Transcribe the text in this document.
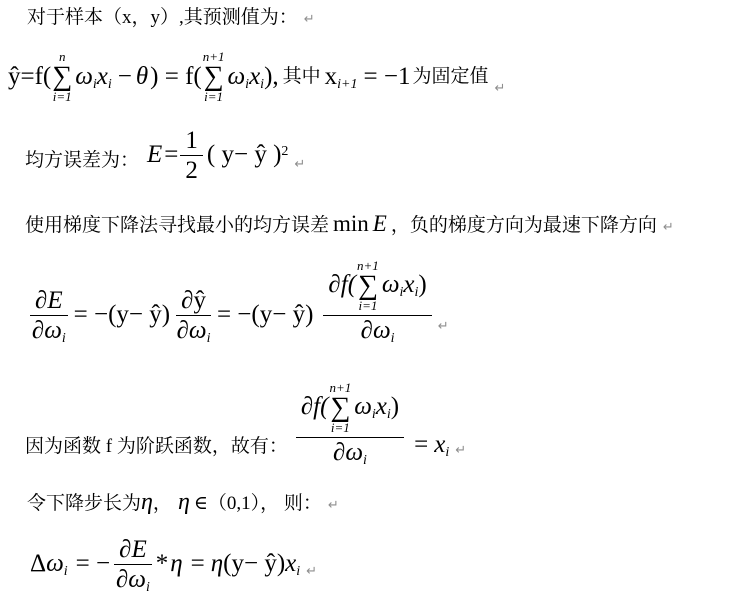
对于样本（x，y）,其预测值为： ↵
ŷ=f(
n
∑
i=1
$\omega_i$ $x_i - \theta$ ) = f(
n+1
∑
i=1
$\omega_i$ $x_i$ ), 其中 $x_{i+1} = -1$ 为固定值
↵
均方误差为： $E = \frac{1}{2}$ ( y− ŷ )$^2$
↵
使用梯度下降法寻找最小的均方误差 min E ，负的梯度方向为最速下降方向 ↵
$\frac{\partial E}{\partial\omega_i} = -(y-$ ŷ) $\frac{\partial ŷ}{\partial\omega_i} = -(y-$ ŷ) ∂f(
n+1
∑
i=1
$\omega_ix_i$)
$\partial\omega_i$ ↵
因为函数 f 为阶跃函数，故有： ∂f(
n+1
∑
i=1
$\omega_ix_i$)
$\partial\omega_i = x_i$ ↵
令下降步长为η， η ∈（0,1）， 则： ↵
$\Delta\omega_i$ = − $\frac{\partial E}{\partial\omega_i} * \eta = \eta$ (y− ŷ) $x_i$ ↵
